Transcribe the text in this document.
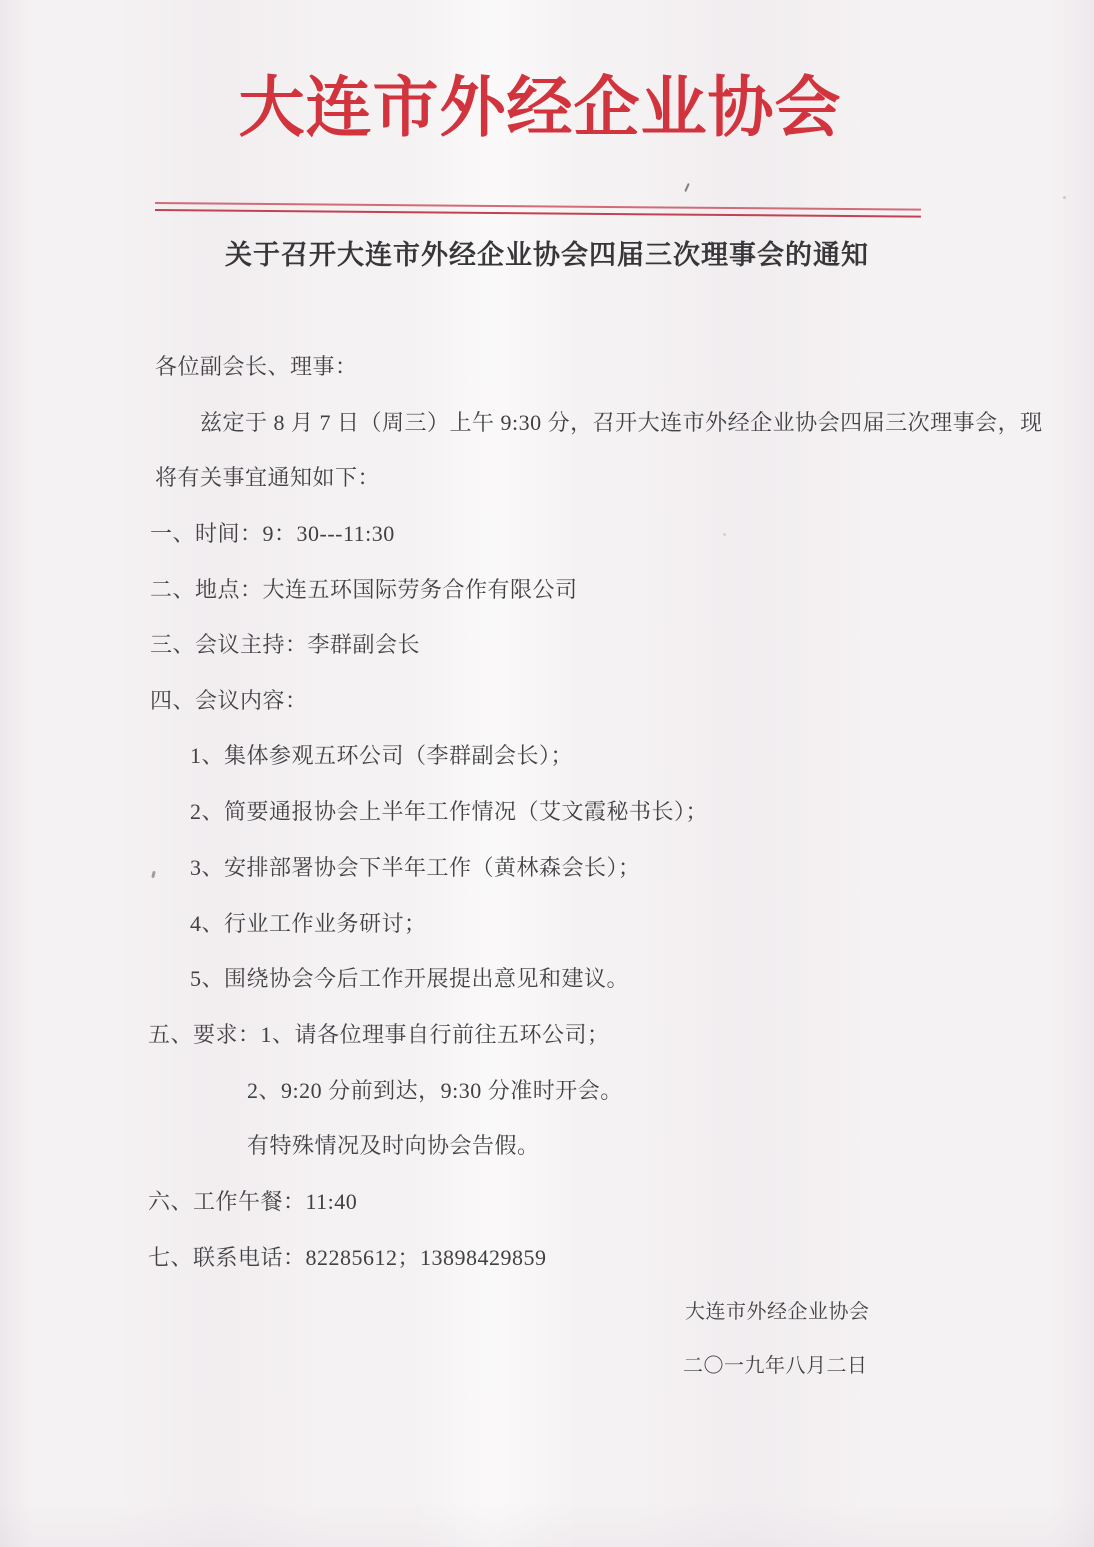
大连市外经企业协会
关于召开大连市外经企业协会四届三次理事会的通知
各位副会长、理事：
兹定于 8 月 7 日（周三）上午 9:30 分，召开大连市外经企业协会四届三次理事会，现
将有关事宜通知如下：
一、时间：9：30---11:30
二、地点：大连五环国际劳务合作有限公司
三、会议主持：李群副会长
四、会议内容：
1、集体参观五环公司（李群副会长）；
2、简要通报协会上半年工作情况（艾文霞秘书长）；
3、安排部署协会下半年工作（黄林森会长）；
4、行业工作业务研讨；
5、围绕协会今后工作开展提出意见和建议。
五、要求：1、请各位理事自行前往五环公司；
2、9:20 分前到达，9:30 分准时开会。
有特殊情况及时向协会告假。
六、工作午餐：11:40
七、联系电话：82285612；13898429859
大连市外经企业协会
二〇一九年八月二日
